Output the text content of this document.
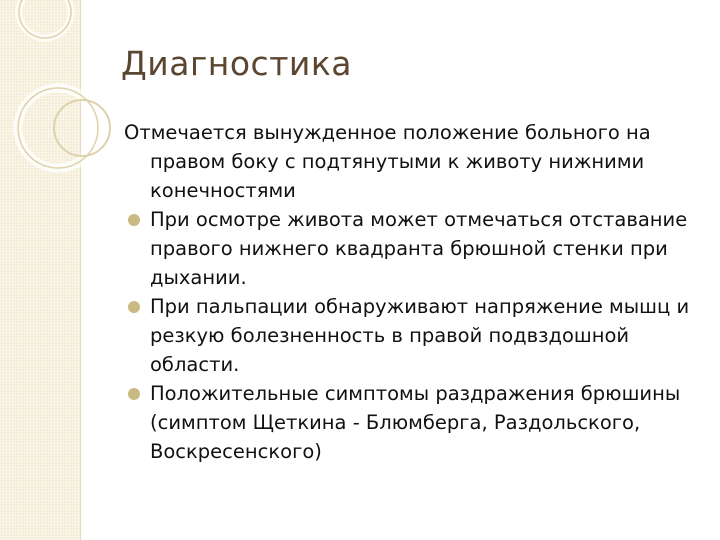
Диагностика

Отмечается вынужденное положение больного на правом боку с подтянутыми к животу нижними конечностями

При осмотре живота может отмечаться отставание правого нижнего квадранта брюшной стенки при дыхании.
При пальпации обнаруживают напряжение мышц и резкую болезненность в правой подвздошной области.
Положительные симптомы раздражения брюшины (симптом Щеткина - Блюмберга, Раздольского, Воскресенского)
